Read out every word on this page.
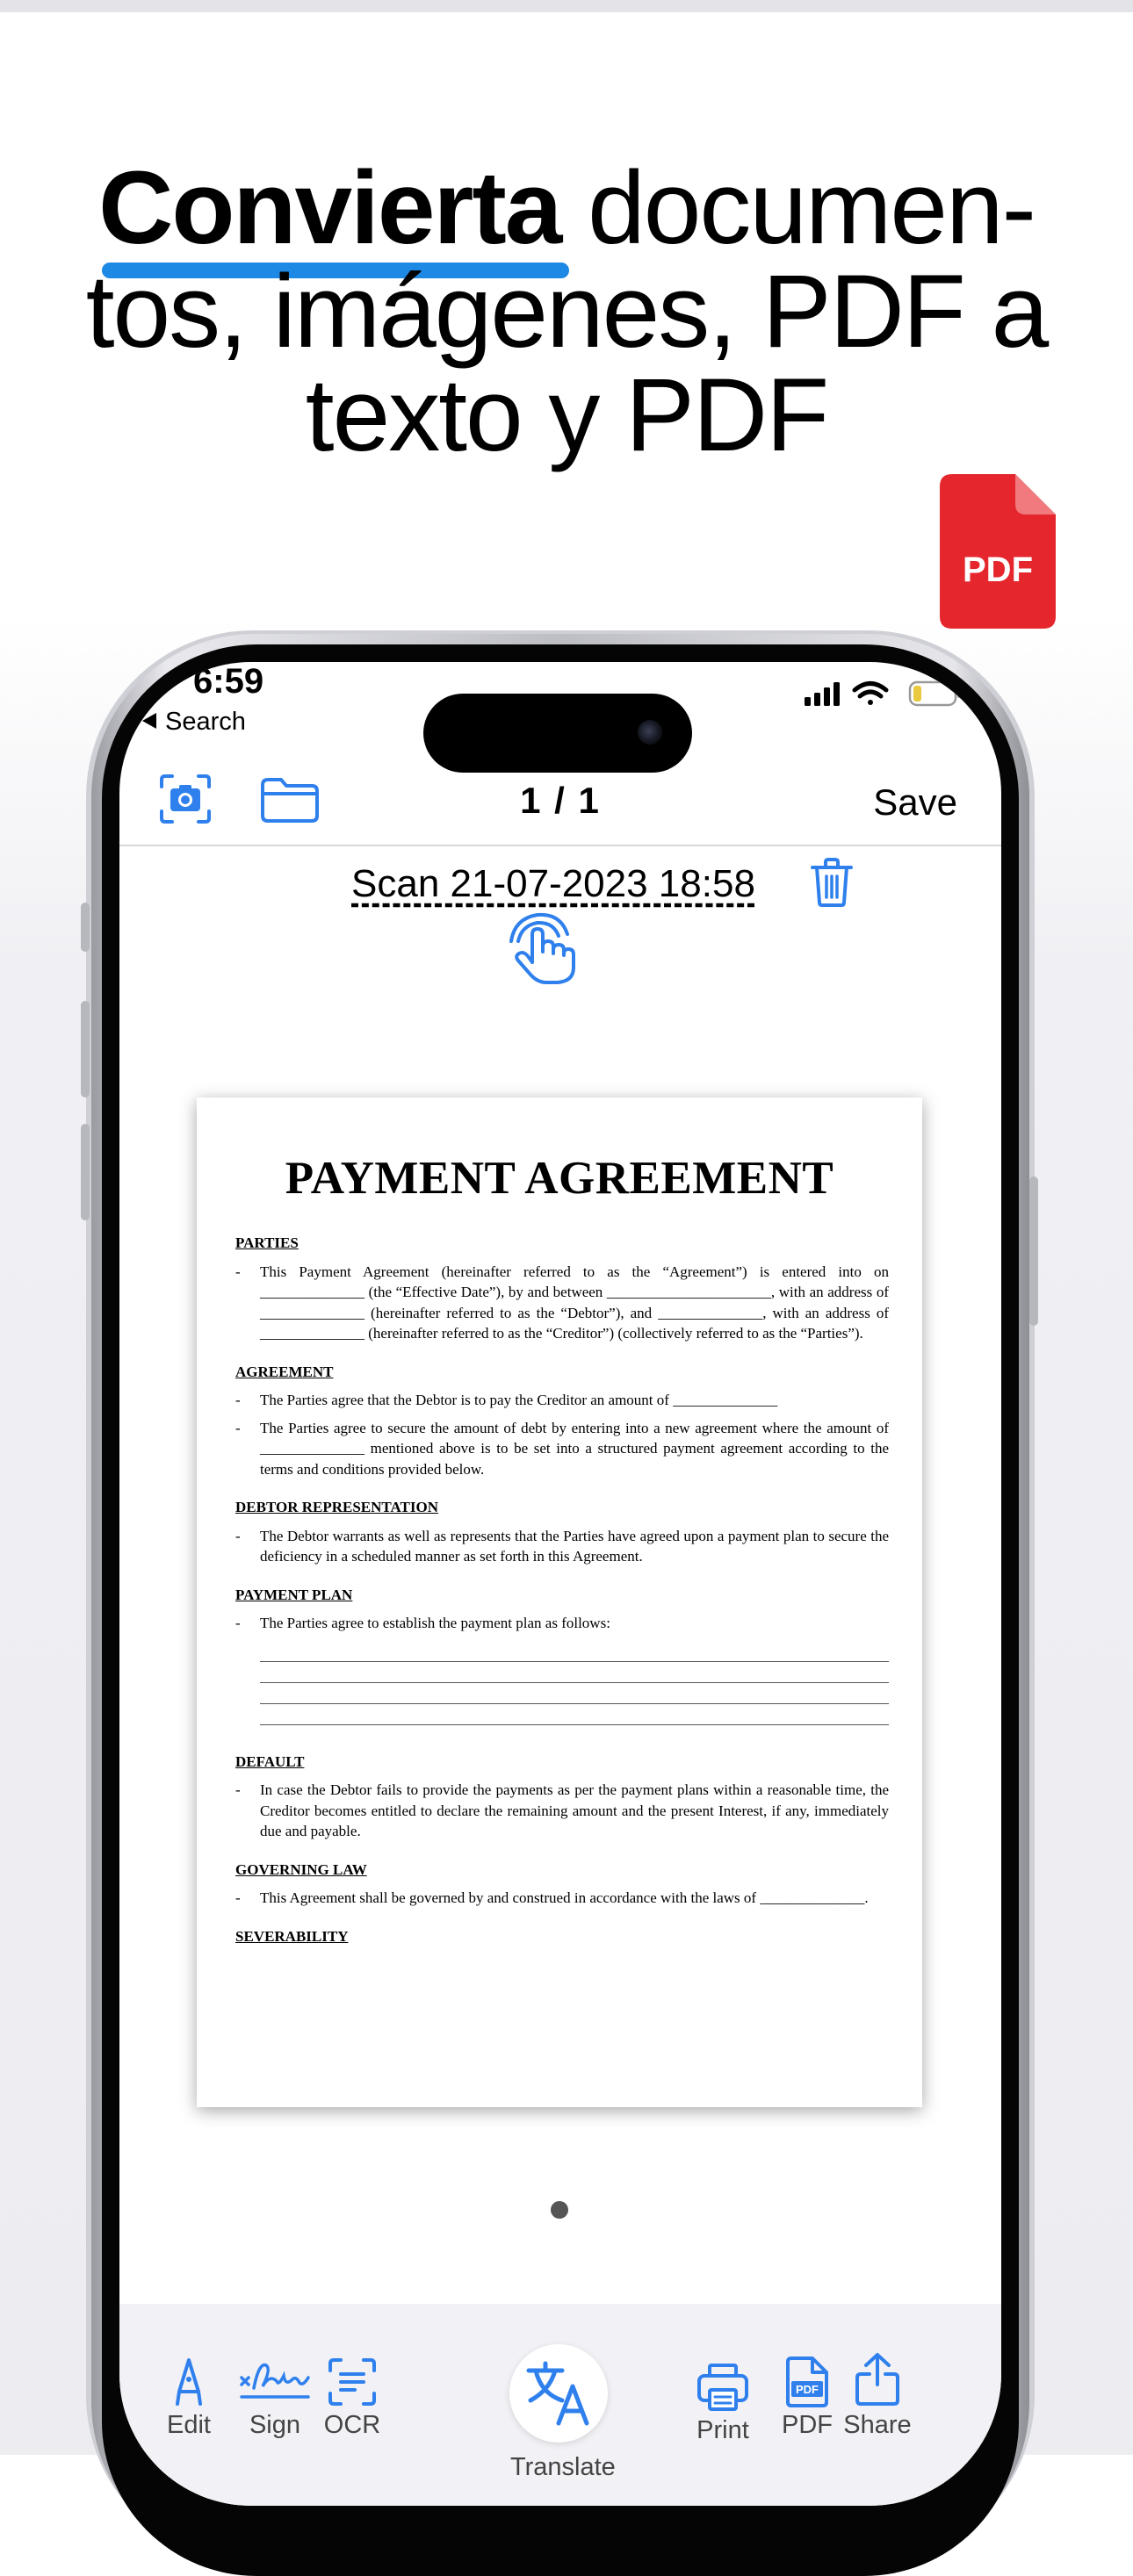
Convierta documen-
tos, imágenes, PDF a
texto y PDF
PDF
6:59
Search
1 / 1	Save
Scan 21-07-2023 18:58
PAYMENT AGREEMENT
PARTIES
- This Payment Agreement (hereinafter referred to as the “Agreement”) is entered into on ______________ (the “Effective Date”), by and between ______________________, with an address of ______________ (hereinafter referred to as the “Debtor”), and ______________, with an address of ______________ (hereinafter referred to as the “Creditor”) (collectively referred to as the “Parties”).
AGREEMENT
- The Parties agree that the Debtor is to pay the Creditor an amount of ______________
- The Parties agree to secure the amount of debt by entering into a new agreement where the amount of ______________ mentioned above is to be set into a structured payment agreement according to the terms and conditions provided below.
DEBTOR REPRESENTATION
- The Debtor warrants as well as represents that the Parties have agreed upon a payment plan to secure the deficiency in a scheduled manner as set forth in this Agreement.
PAYMENT PLAN
- The Parties agree to establish the payment plan as follows:
DEFAULT
- In case the Debtor fails to provide the payments as per the payment plans within a reasonable time, the Creditor becomes entitled to declare the remaining amount and the present Interest, if any, immediately due and payable.
GOVERNING LAW
- This Agreement shall be governed by and construed in accordance with the laws of ______________.
SEVERABILITY
Edit	Sign OCR
Translate
Print
PDF
PDF Share
